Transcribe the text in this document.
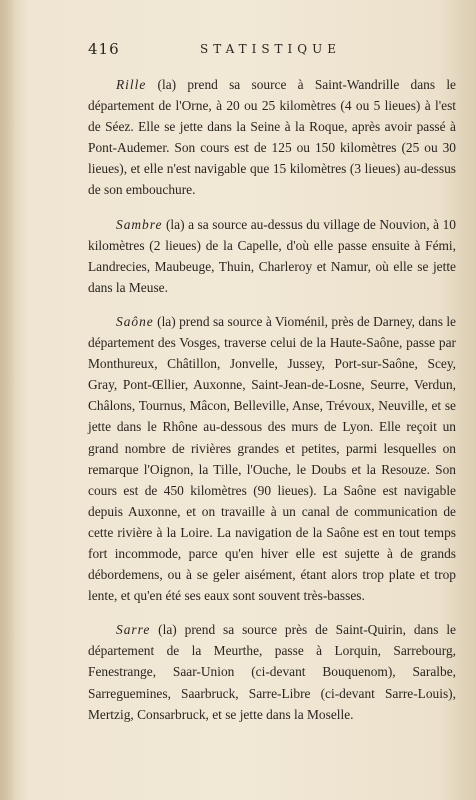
416	STATISTIQUE

Rille (la) prend sa source à Saint-Wandrille dans le département de l'Orne, à 20 ou 25 kilomètres (4 ou 5 lieues) à l'est de Séez. Elle se jette dans la Seine à la Roque, après avoir passé à Pont-Audemer. Son cours est de 125 ou 150 kilomètres (25 ou 30 lieues), et elle n'est navigable que 15 kilomètres (3 lieues) au-dessus de son embouchure.

Sambre (la) a sa source au-dessus du village de Nouvion, à 10 kilomètres (2 lieues) de la Capelle, d'où elle passe ensuite à Fémi, Landrecies, Maubeuge, Thuin, Charleroy et Namur, où elle se jette dans la Meuse.

Saône (la) prend sa source à Vioménil, près de Darney, dans le département des Vosges, traverse celui de la Haute-Saône, passe par Monthureux, Châtillon, Jonvelle, Jussey, Port-sur-Saône, Scey, Gray, Pont-Œllier, Auxonne, Saint-Jean-de-Losne, Seurre, Verdun, Châlons, Tournus, Mâcon, Belleville, Anse, Trévoux, Neuville, et se jette dans le Rhône au-dessous des murs de Lyon. Elle reçoit un grand nombre de rivières grandes et petites, parmi lesquelles on remarque l'Oignon, la Tille, l'Ouche, le Doubs et la Resouze. Son cours est de 450 kilomètres (90 lieues). La Saône est navigable depuis Auxonne, et on travaille à un canal de communication de cette rivière à la Loire. La navigation de la Saône est en tout temps fort incommode, parce qu'en hiver elle est sujette à de grands débordemens, ou à se geler aisément, étant alors trop plate et trop lente, et qu'en été ses eaux sont souvent très-basses.

Sarre (la) prend sa source près de Saint-Quirin, dans le département de la Meurthe, passe à Lorquin, Sarrebourg, Fenestrange, Saar-Union (ci-devant Bouquenom), Saralbe, Sarreguemines, Saarbruck, Sarre-Libre (ci-devant Sarre-Louis), Mertzig, Consarbruck, et se jette dans la Moselle.
